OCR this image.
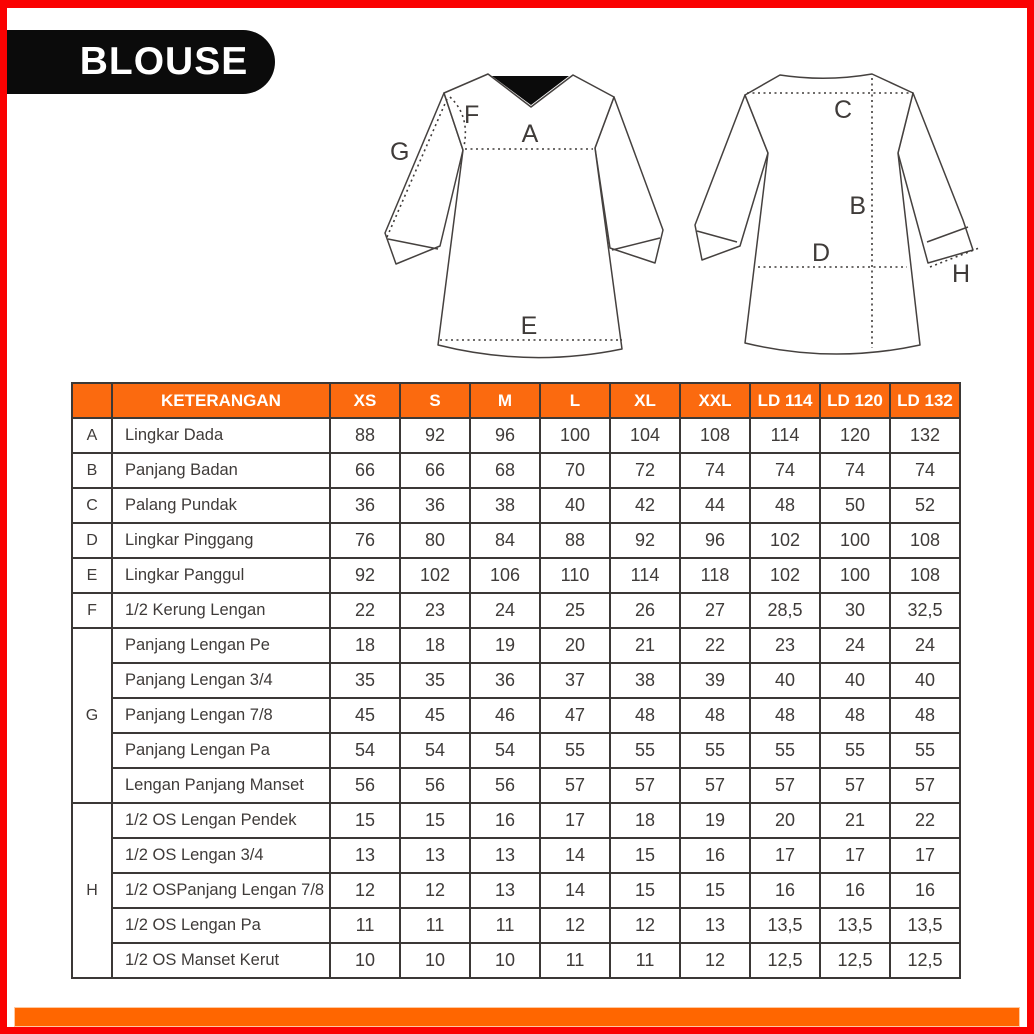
BLOUSE
F
A
G
E
C
B
D
H
	KETERANGAN	XS	S	M	L	XL	XXL	LD 114	LD 120	LD 132
A	Lingkar Dada	88	92	96	100	104	108	114	120	132
B	Panjang Badan	66	66	68	70	72	74	74	74	74
C	Palang Pundak	36	36	38	40	42	44	48	50	52
D	Lingkar Pinggang	76	80	84	88	92	96	102	100	108
E	Lingkar Panggul	92	102	106	110	114	118	102	100	108
F	1/2 Kerung Lengan	22	23	24	25	26	27	28,5	30	32,5
G	Panjang Lengan Pe	18	18	19	20	21	22	23	24	24
	Panjang Lengan 3/4	35	35	36	37	38	39	40	40	40
	Panjang Lengan 7/8	45	45	46	47	48	48	48	48	48
	Panjang Lengan Pa	54	54	54	55	55	55	55	55	55
	Lengan Panjang Manset	56	56	56	57	57	57	57	57	57
H	1/2 OS Lengan Pendek	15	15	16	17	18	19	20	21	22
	1/2 OS Lengan 3/4	13	13	13	14	15	16	17	17	17
	1/2 OSPanjang Lengan 7/8	12	12	13	14	15	15	16	16	16
	1/2 OS Lengan Pa	11	11	11	12	12	13	13,5	13,5	13,5
	1/2 OS Manset Kerut	10	10	10	11	11	12	12,5	12,5	12,5
